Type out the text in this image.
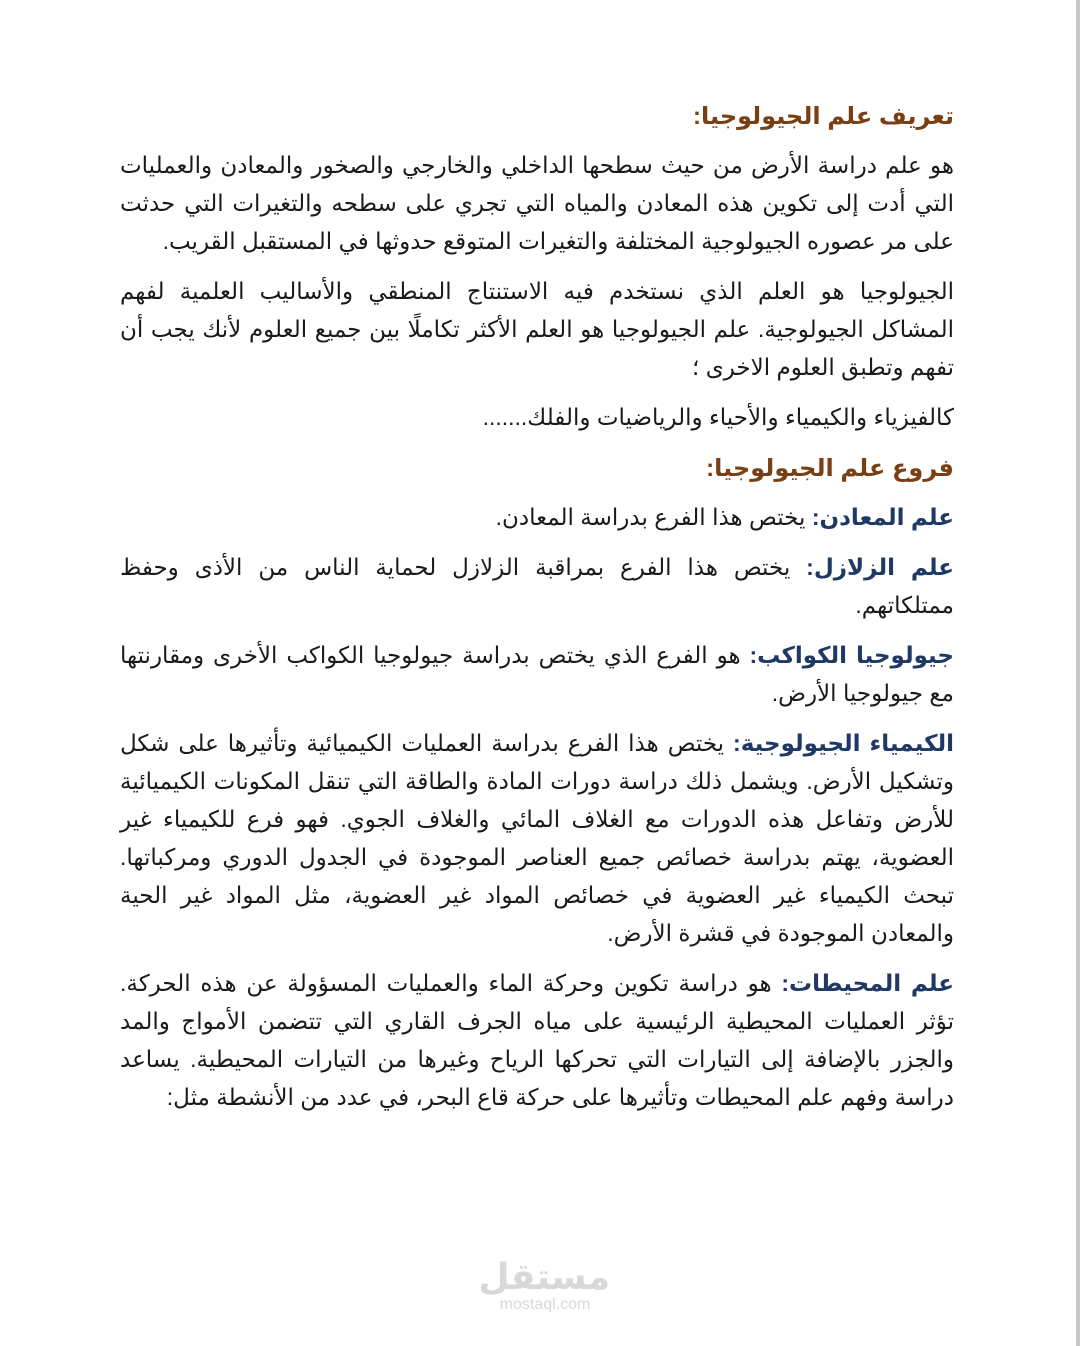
تعريف علم الجيولوجيا:

هو علم دراسة الأرض من حيث سطحها الداخلي والخارجي والصخور والمعادن والعمليات التي أدت إلى تكوين هذه المعادن والمياه التي تجري على سطحه والتغيرات التي حدثت على مر عصوره الجيولوجية المختلفة والتغيرات المتوقع حدوثها في المستقبل القريب.

الجيولوجيا هو العلم الذي نستخدم فيه الاستنتاج المنطقي والأساليب العلمية لفهم المشاكل الجيولوجية. علم الجيولوجيا هو العلم الأكثر تكاملًا بين جميع العلوم لأنك يجب أن تفهم وتطبق العلوم الاخرى ؛

كالفيزياء والكيمياء والأحياء والرياضيات والفلك.......

فروع علم الجيولوجيا:

علم المعادن: يختص هذا الفرع بدراسة المعادن.

علم الزلازل: يختص هذا الفرع بمراقبة الزلازل لحماية الناس من الأذى وحفظ ممتلكاتهم.

جيولوجيا الكواكب: هو الفرع الذي يختص بدراسة جيولوجيا الكواكب الأخرى ومقارنتها مع جيولوجيا الأرض.

الكيمياء الجيولوجية: يختص هذا الفرع بدراسة العمليات الكيميائية وتأثيرها على شكل وتشكيل الأرض. ويشمل ذلك دراسة دورات المادة والطاقة التي تنقل المكونات الكيميائية للأرض وتفاعل هذه الدورات مع الغلاف المائي والغلاف الجوي. فهو فرع للكيمياء غير العضوية، يهتم بدراسة خصائص جميع العناصر الموجودة في الجدول الدوري ومركباتها. تبحث الكيمياء غير العضوية في خصائص المواد غير العضوية، مثل المواد غير الحية والمعادن الموجودة في قشرة الأرض.

علم المحيطات: هو دراسة تكوين وحركة الماء والعمليات المسؤولة عن هذه الحركة. تؤثر العمليات المحيطية الرئيسية على مياه الجرف القاري التي تتضمن الأمواج والمد والجزر بالإضافة إلى التيارات التي تحركها الرياح وغيرها من التيارات المحيطية. يساعد دراسة وفهم علم المحيطات وتأثيرها على حركة قاع البحر، في عدد من الأنشطة مثل:

مستقل
mostaql.com
